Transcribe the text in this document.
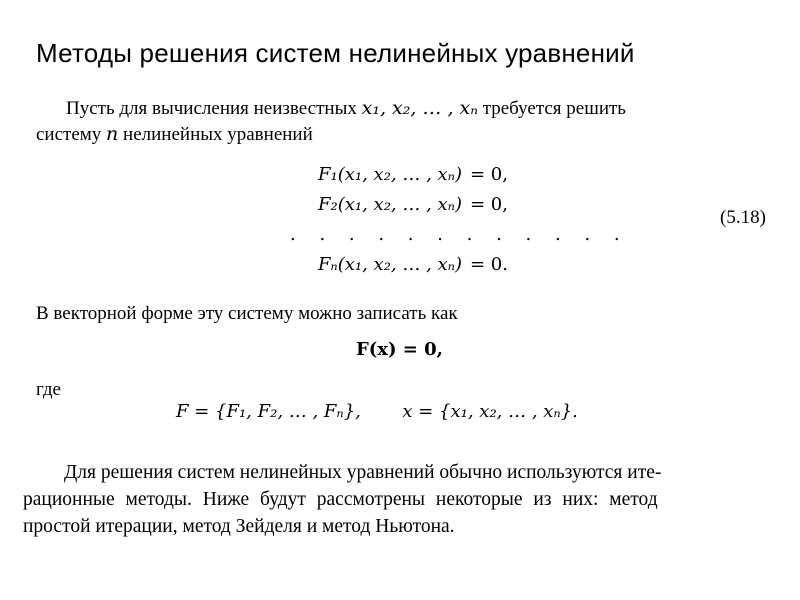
Методы решения систем нелинейных уравнений
Пусть для вычисления неизвестных x₁, x₂, … , xₙ требуется решить
систему n нелинейных уравнений
F₁(x₁, x₂, … , xₙ) = 0,
F₂(x₁, x₂, … , xₙ) = 0,
. . . . . . . . . . . .
Fₙ(x₁, x₂, … , xₙ) = 0.
(5.18)
В векторной форме эту систему можно записать как
F(x) = 0,
где
F = {F₁, F₂, … , Fₙ}, x = {x₁, x₂, … , xₙ}.
Для решения систем нелинейных уравнений обычно используются ите-
рационные методы. Ниже будут рассмотрены некоторые из них: метод
простой итерации, метод Зейделя и метод Ньютона.
